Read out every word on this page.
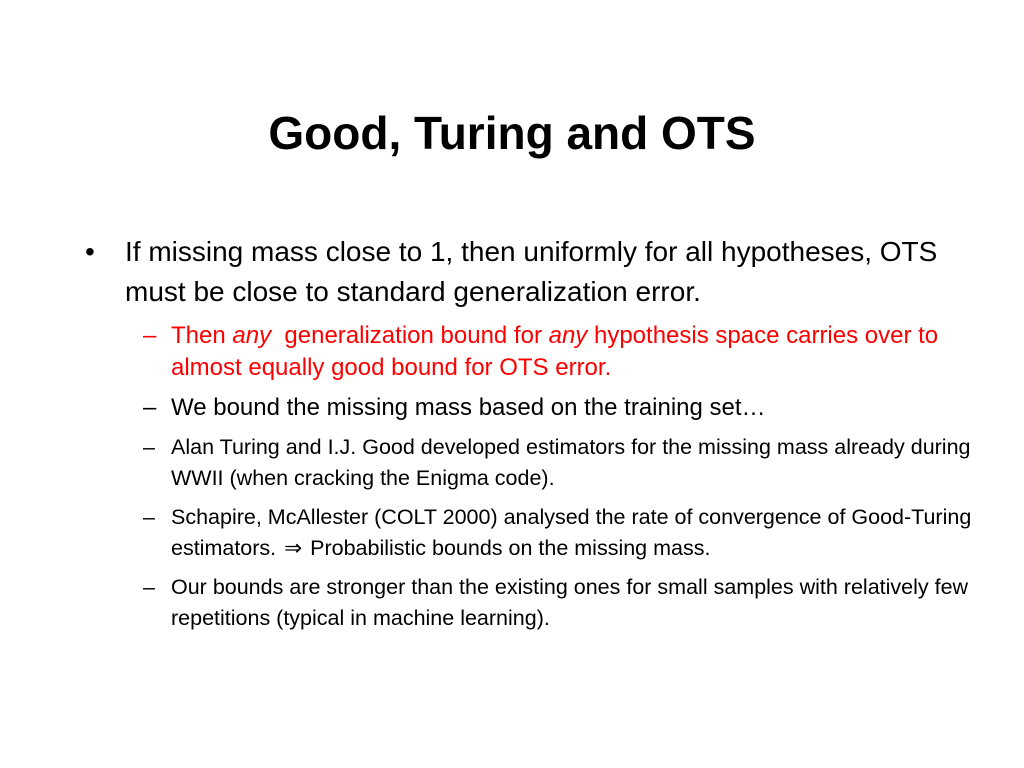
Good, Turing and OTS
• If missing mass close to 1, then uniformly for all hypotheses, OTS must be close to standard generalization error.
– Then any  generalization bound for any hypothesis space carries over to almost equally good bound for OTS error.
– We bound the missing mass based on the training set…
– Alan Turing and I.J. Good developed estimators for the missing mass already during WWII (when cracking the Enigma code).
– Schapire, McAllester (COLT 2000) analysed the rate of convergence of Good-Turing estimators. ⇒ Probabilistic bounds on the missing mass.
– Our bounds are stronger than the existing ones for small samples with relatively few repetitions (typical in machine learning).
